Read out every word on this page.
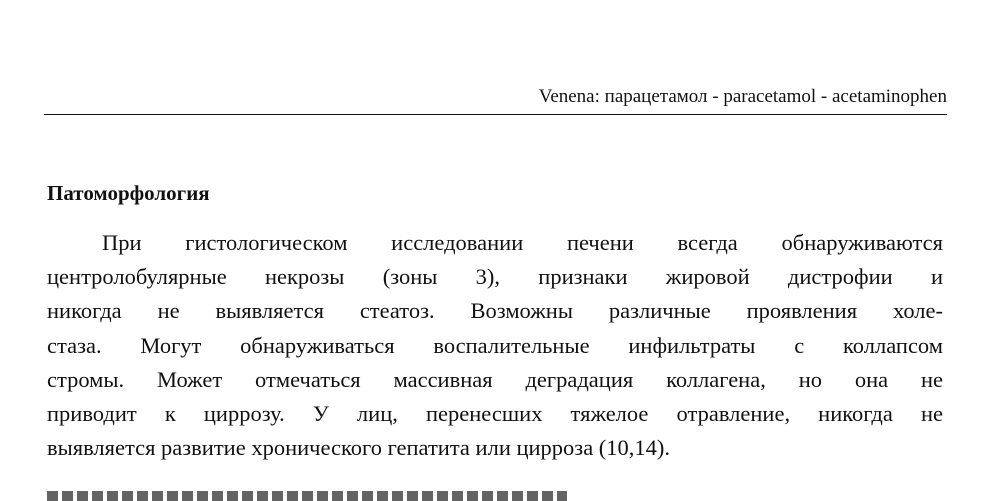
Venena: парацетамол - paracetamol - acetaminophen
Патоморфология
При гистологическом исследовании печени всегда обнаруживаются
центролобулярные некрозы (зоны 3), признаки жировой дистрофии и
никогда не выявляется стеатоз. Возможны различные проявления холе-
стаза. Могут обнаруживаться воспалительные инфильтраты с коллапсом
стромы. Может отмечаться массивная деградация коллагена, но она не
приводит к циррозу. У лиц, перенесших тяжелое отравление, никогда не
выявляется развитие хронического гепатита или цирроза (10,14).
